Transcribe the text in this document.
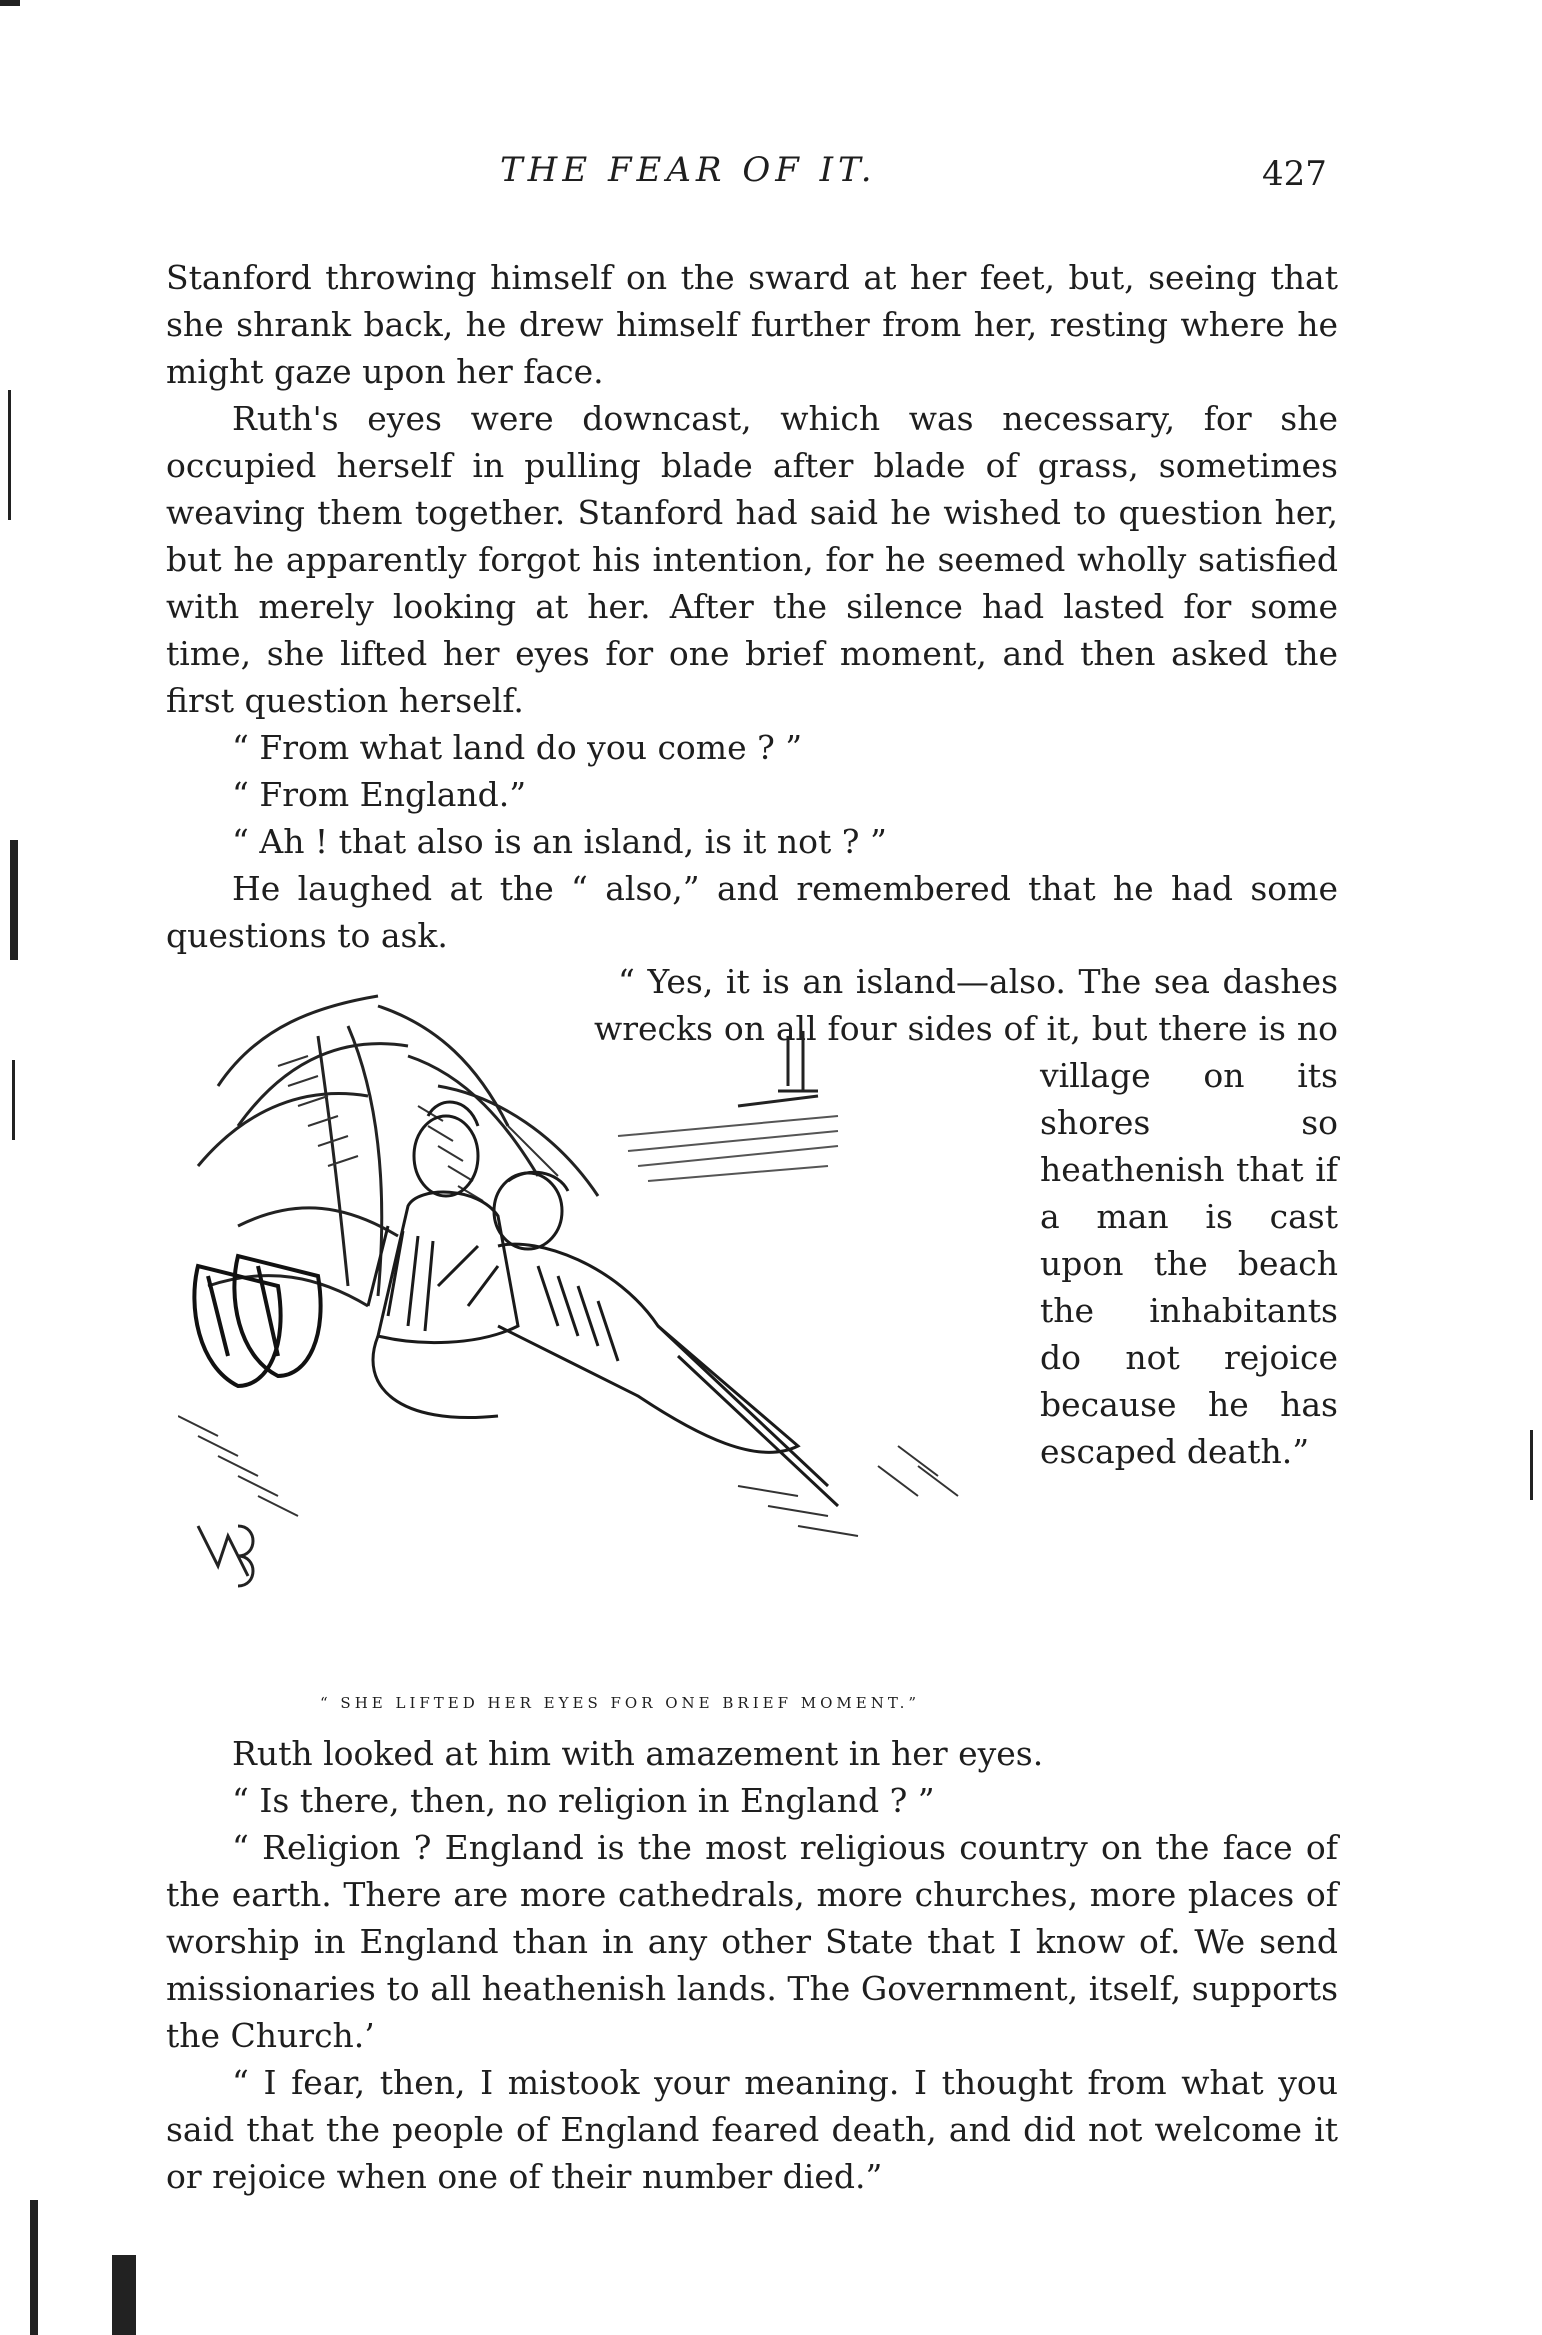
THE FEAR OF IT.	427

Stanford throwing himself on the sward at her feet, but, seeing that she shrank back, he drew himself further from her, resting where he might gaze upon her face.

Ruth's eyes were downcast, which was necessary, for she occupied herself in pulling blade after blade of grass, sometimes weaving them together. Stanford had said he wished to question her, but he apparently forgot his intention, for he seemed wholly satisfied with merely looking at her. After the silence had lasted for some time, she lifted her eyes for one brief moment, and then asked the first question herself.

“ From what land do you come ? ”

“ From England.”

“ Ah ! that also is an island, is it not ? ”

He laughed at the “ also,” and remembered that he had some questions to ask.

“ Yes, it is an island—also. The sea dashes wrecks on all four sides of it, but there is no village on its shores so heathenish that if a man is cast upon the beach the inhabitants do not rejoice because he has escaped death.”

“ SHE LIFTED HER EYES FOR ONE BRIEF MOMENT.”

Ruth looked at him with amazement in her eyes.

“ Is there, then, no religion in England ? ”

“ Religion ? England is the most religious country on the face of the earth. There are more cathedrals, more churches, more places of worship in England than in any other State that I know of. We send missionaries to all heathenish lands. The Government, itself, supports the Church.’

“ I fear, then, I mistook your meaning. I thought from what you said that the people of England feared death, and did not welcome it or rejoice when one of their number died.”
